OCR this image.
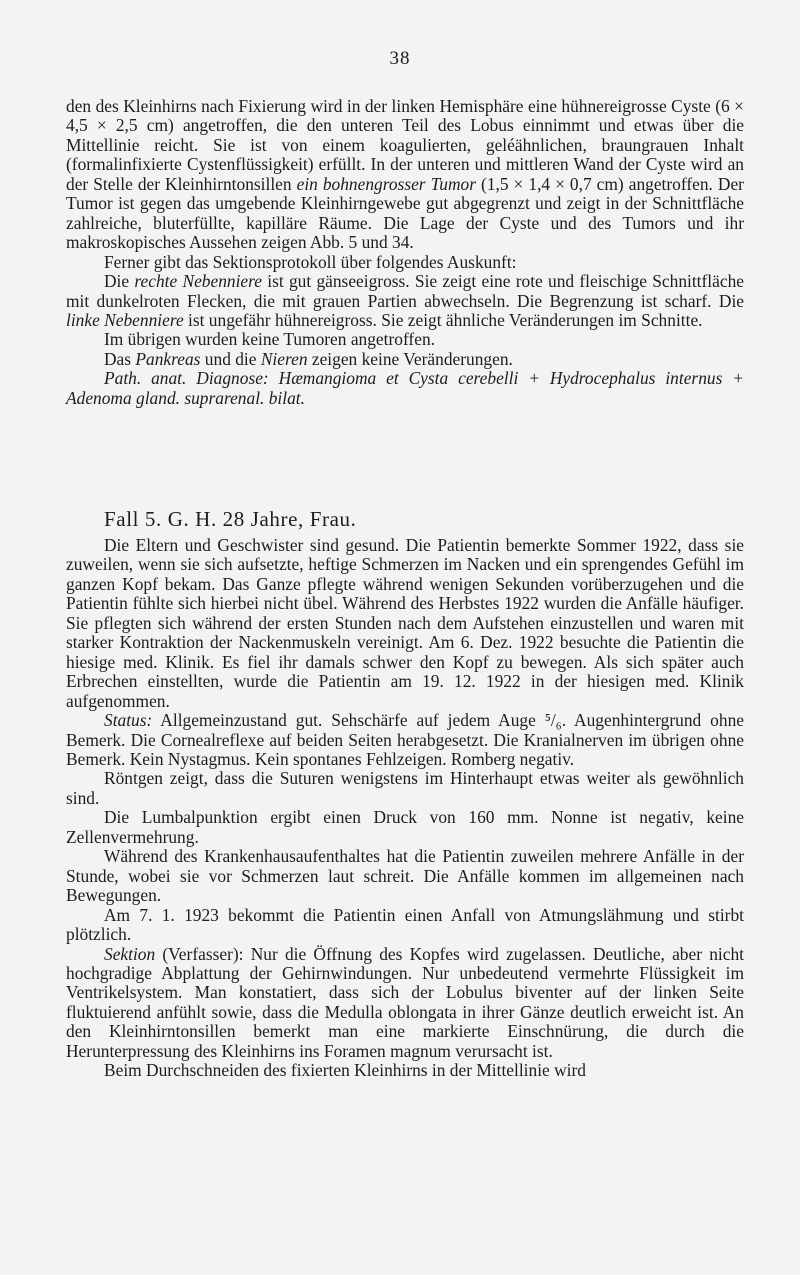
38

den des Kleinhirns nach Fixierung wird in der linken Hemisphäre eine hühnereigrosse Cyste (6 × 4,5 × 2,5 cm) angetroffen, die den unteren Teil des Lobus einnimmt und etwas über die Mittellinie reicht. Sie ist von einem koagulierten, geléähnlichen, braungrauen Inhalt (formalinfixierte Cystenflüssigkeit) erfüllt. In der unteren und mittleren Wand der Cyste wird an der Stelle der Kleinhirntonsillen ein bohnengrosser Tumor (1,5 × 1,4 × 0,7 cm) angetroffen. Der Tumor ist gegen das umgebende Kleinhirngewebe gut abgegrenzt und zeigt in der Schnittfläche zahlreiche, bluterfüllte, kapilläre Räume. Die Lage der Cyste und des Tumors und ihr makroskopisches Aussehen zeigen Abb. 5 und 34.

Ferner gibt das Sektionsprotokoll über folgendes Auskunft:

Die rechte Nebenniere ist gut gänseeigross. Sie zeigt eine rote und fleischige Schnittfläche mit dunkelroten Flecken, die mit grauen Partien abwechseln. Die Begrenzung ist scharf. Die linke Nebenniere ist ungefähr hühnereigross. Sie zeigt ähnliche Veränderungen im Schnitte.

Im übrigen wurden keine Tumoren angetroffen.

Das Pankreas und die Nieren zeigen keine Veränderungen.

Path. anat. Diagnose: Hæmangioma et Cysta cerebelli + Hydrocephalus internus + Adenoma gland. suprarenal. bilat.

Fall 5. G. H. 28 Jahre, Frau.

Die Eltern und Geschwister sind gesund. Die Patientin bemerkte Sommer 1922, dass sie zuweilen, wenn sie sich aufsetzte, heftige Schmerzen im Nacken und ein sprengendes Gefühl im ganzen Kopf bekam. Das Ganze pflegte während wenigen Sekunden vorüberzugehen und die Patientin fühlte sich hierbei nicht übel. Während des Herbstes 1922 wurden die Anfälle häufiger. Sie pflegten sich während der ersten Stunden nach dem Aufstehen einzustellen und waren mit starker Kontraktion der Nackenmuskeln vereinigt. Am 6. Dez. 1922 besuchte die Patientin die hiesige med. Klinik. Es fiel ihr damals schwer den Kopf zu bewegen. Als sich später auch Erbrechen einstellten, wurde die Patientin am 19. 12. 1922 in der hiesigen med. Klinik aufgenommen.

Status: Allgemeinzustand gut. Sehschärfe auf jedem Auge ⁵/₆. Augenhintergrund ohne Bemerk. Die Cornealreflexe auf beiden Seiten herabgesetzt. Die Kranialnerven im übrigen ohne Bemerk. Kein Nystagmus. Kein spontanes Fehlzeigen. Romberg negativ.

Röntgen zeigt, dass die Suturen wenigstens im Hinterhaupt etwas weiter als gewöhnlich sind.

Die Lumbalpunktion ergibt einen Druck von 160 mm. Nonne ist negativ, keine Zellenvermehrung.

Während des Krankenhausaufenthaltes hat die Patientin zuweilen mehrere Anfälle in der Stunde, wobei sie vor Schmerzen laut schreit. Die Anfälle kommen im allgemeinen nach Bewegungen.

Am 7. 1. 1923 bekommt die Patientin einen Anfall von Atmungslähmung und stirbt plötzlich.

Sektion (Verfasser): Nur die Öffnung des Kopfes wird zugelassen. Deutliche, aber nicht hochgradige Abplattung der Gehirnwindungen. Nur unbedeutend vermehrte Flüssigkeit im Ventrikelsystem. Man konstatiert, dass sich der Lobulus biventer auf der linken Seite fluktuierend anfühlt sowie, dass die Medulla oblongata in ihrer Gänze deutlich erweicht ist. An den Kleinhirntonsillen bemerkt man eine markierte Einschnürung, die durch die Herunterpressung des Kleinhirns ins Foramen magnum verursacht ist.

Beim Durchschneiden des fixierten Kleinhirns in der Mittellinie wird
